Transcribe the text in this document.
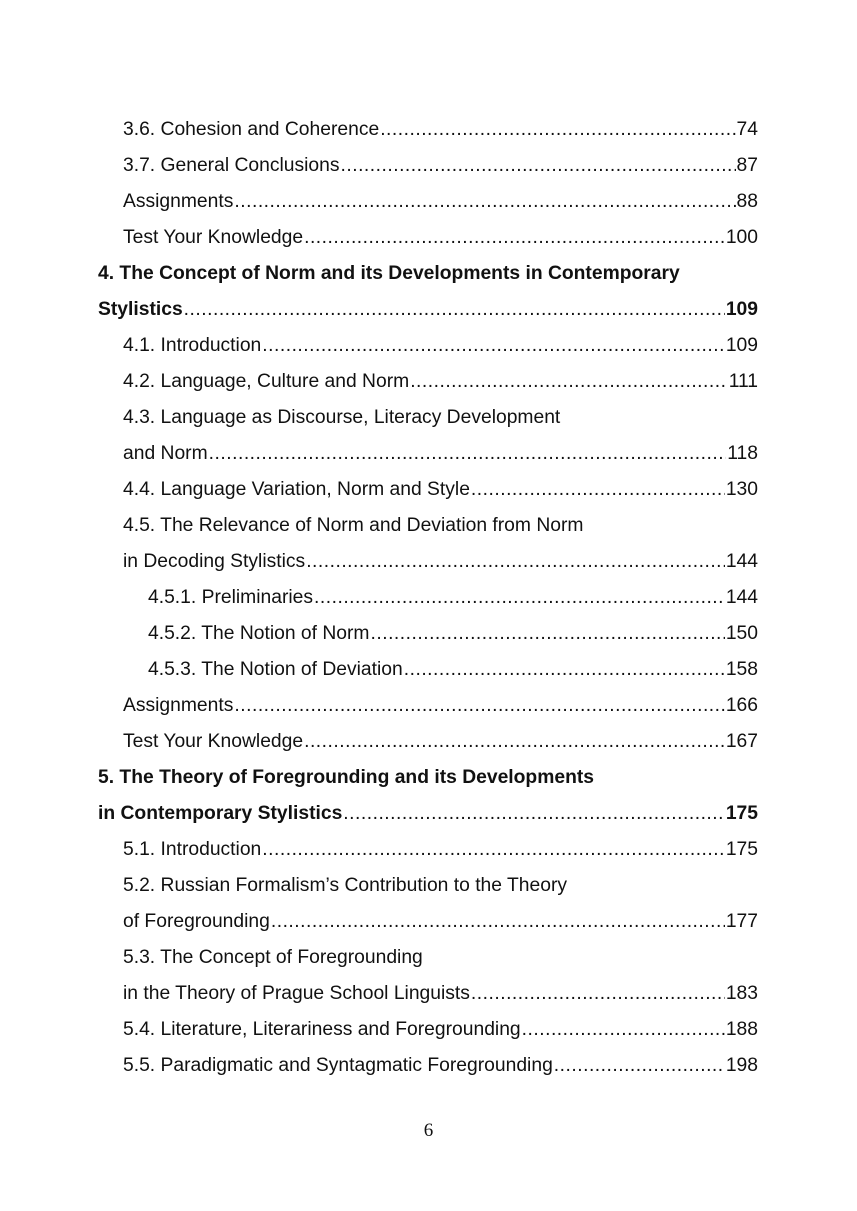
3.6. Cohesion and Coherence .....	74
3.7. General Conclusions .....	87
Assignments .....	88
Test Your Knowledge .....	100
4. The Concept of Norm and its Developments in Contemporary
Stylistics .....	109
4.1. Introduction .....	109
4.2. Language, Culture and Norm .....	111
4.3. Language as Discourse, Literacy Development
and Norm .....	118
4.4. Language Variation, Norm and Style .....	130
4.5. The Relevance of Norm and Deviation from Norm
in Decoding Stylistics .....	144
4.5.1. Preliminaries .....	144
4.5.2. The Notion of Norm .....	150
4.5.3. The Notion of Deviation .....	158
Assignments .....	166
Test Your Knowledge .....	167
5. The Theory of Foregrounding and its Developments
in Contemporary Stylistics .....	175
5.1. Introduction .....	175
5.2. Russian Formalism’s Contribution to the Theory
of Foregrounding .....	177
5.3. The Concept of Foregrounding
in the Theory of Prague School Linguists .....	183
5.4. Literature, Literariness and Foregrounding .....	188
5.5. Paradigmatic and Syntagmatic Foregrounding .....	198
6
